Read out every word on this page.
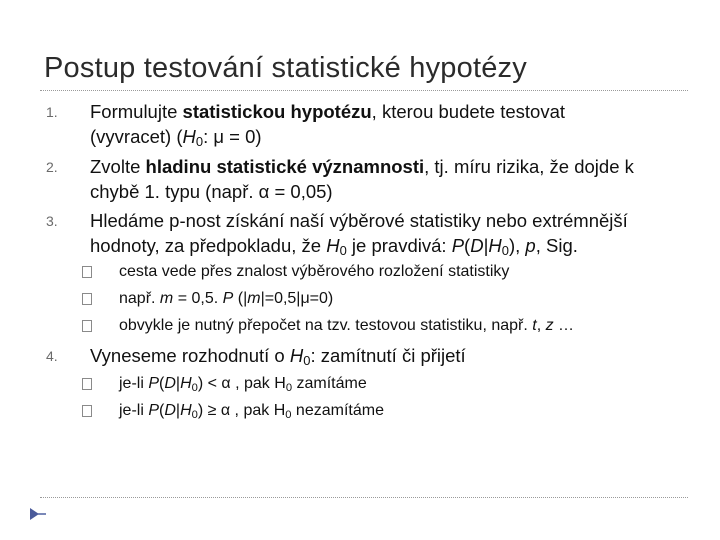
Postup testování statistické hypotézy
1. Formulujte statistickou hypotézu, kterou budete testovat
(vyvracet) ($H_0$: μ = 0)
2. Zvolte hladinu statistické významnosti, tj. míru rizika, že dojde k
chybě 1. typu (např. α = 0,05)
3. Hledáme p-nost získání naší výběrové statistiky nebo extrémnější
hodnoty, za předpokladu, že $H_0$ je pravdivá: $P(D|H_0)$, p, Sig.
cesta vede přes znalost výběrového rozložení statistiky
např. m = 0,5. P (|m|=0,5|μ=0)
obvykle je nutný přepočet na tzv. testovou statistiku, např. t, z …
4. Vyneseme rozhodnutí o $H_0$: zamítnutí či přijetí
je-li $P(D|H_0) < \alpha$ , pak $H_0$ zamítáme
je-li $P(D|H_0) \ge \alpha$ , pak $H_0$ nezamítáme
